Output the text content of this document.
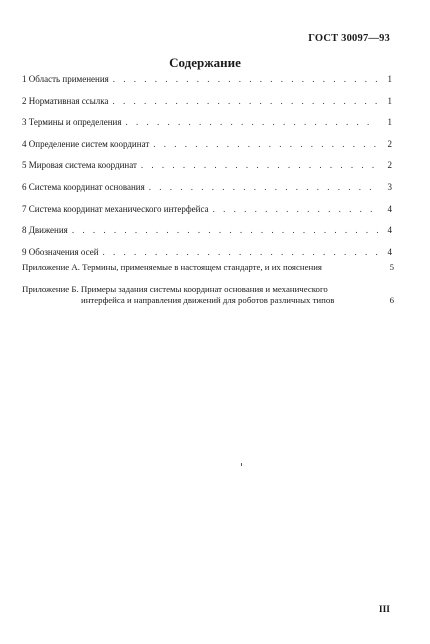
ГОСТ 30097—93
Содержание
1 Область применения . . .	1
2 Нормативная ссылка . . .	1
3 Термины и определения . . .	1
4 Определение систем координат . . .	2
5 Мировая система координат . . .	2
6 Система координат основания . . .	3
7 Система координат механического интерфейса . . .	4
8 Движения . . .	4
9 Обозначения осей . . .	4
Приложение А. Термины, применяемые в настоящем стандарте, и их пояснения	5
Приложение Б. Примеры задания системы координат основания и механического
интерфейса и направления движений для роботов различных типов	6
III
